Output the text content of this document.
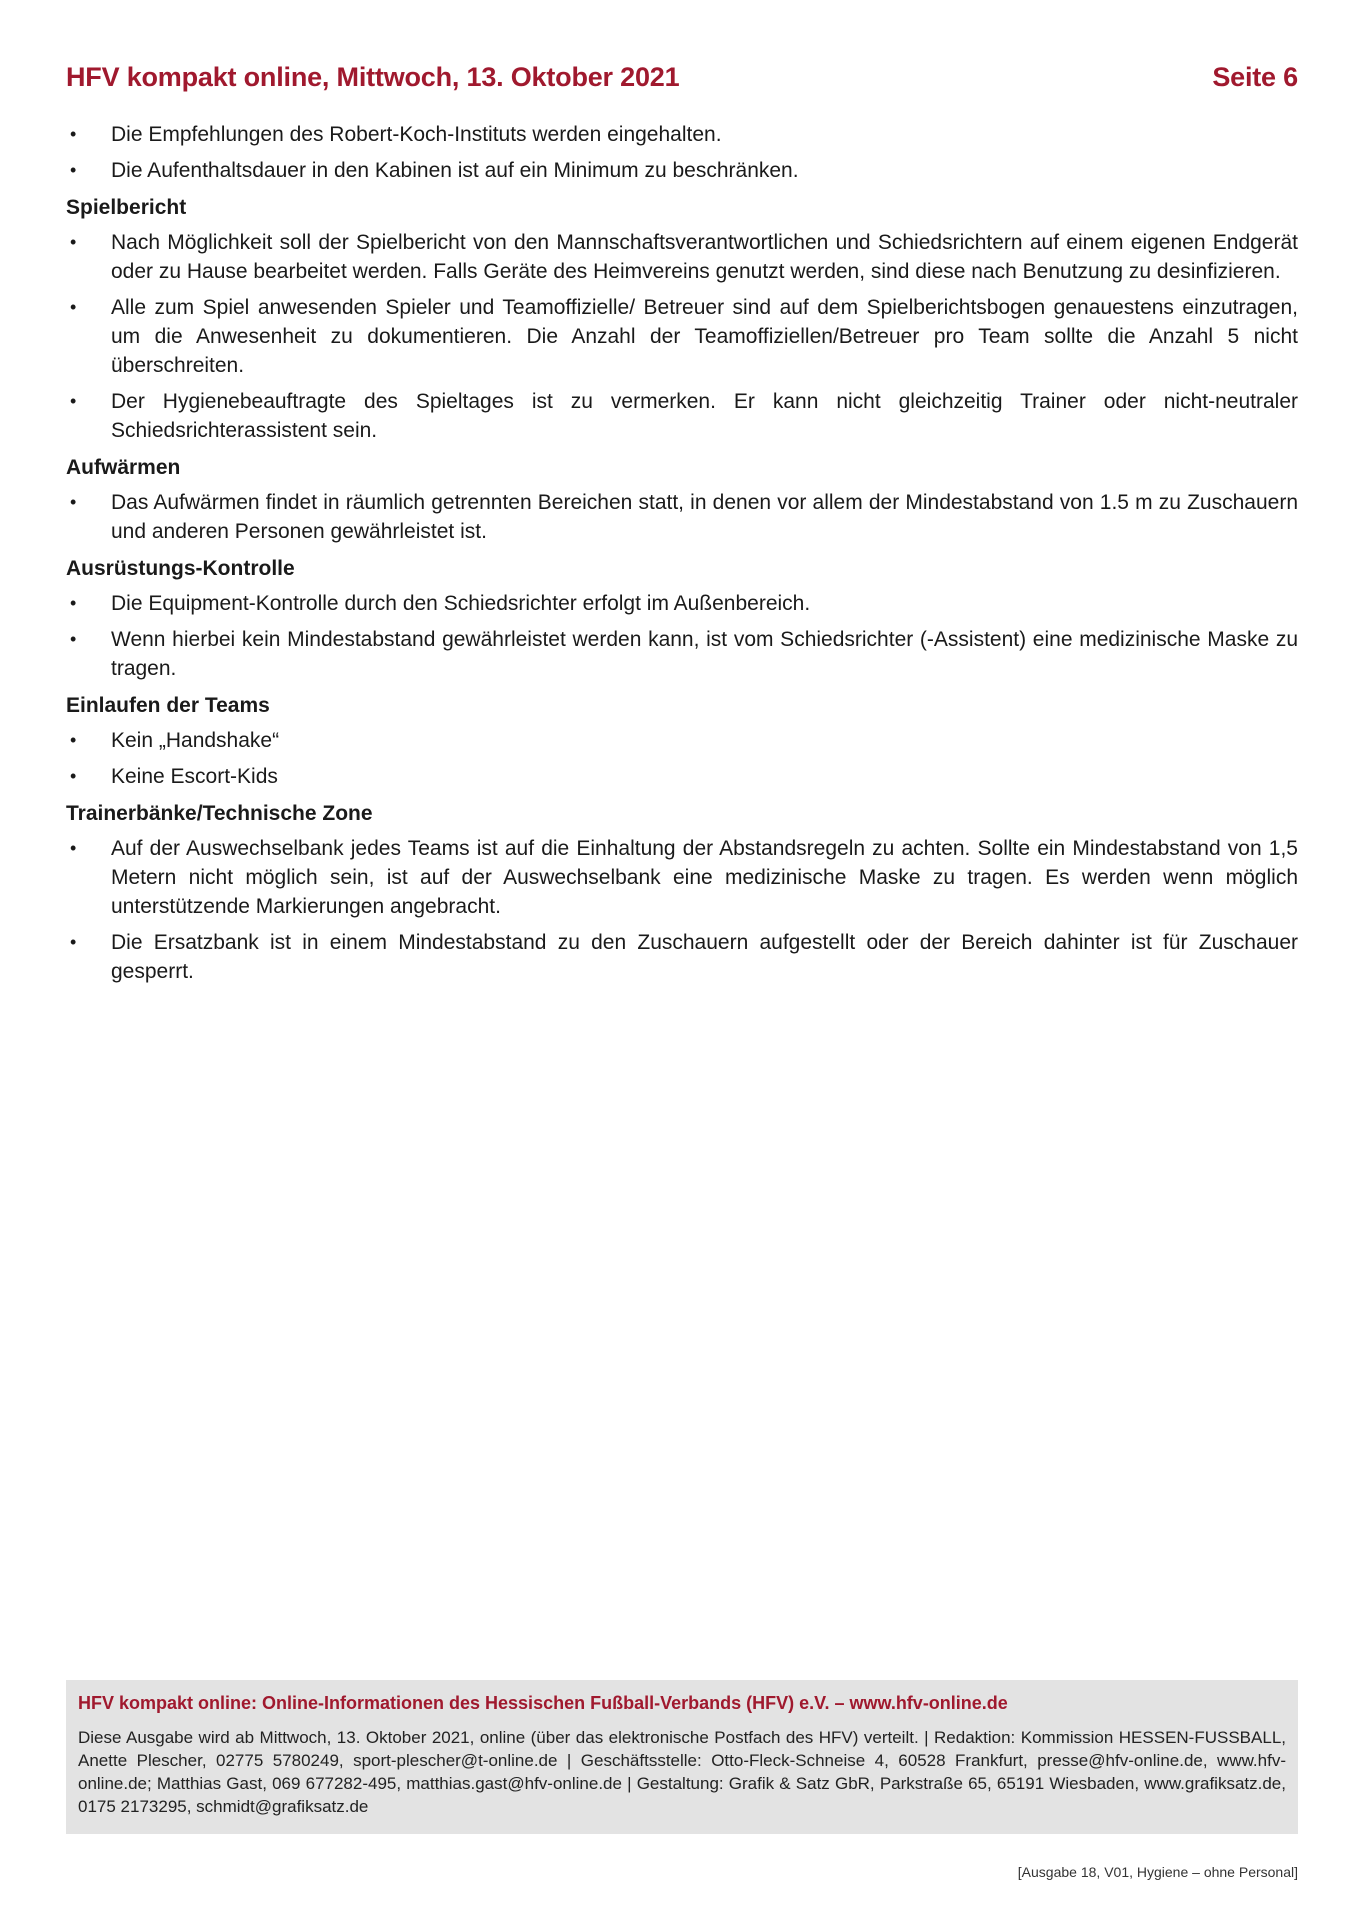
HFV kompakt online, Mittwoch, 13. Oktober 2021	Seite 6
• Die Empfehlungen des Robert-Koch-Instituts werden eingehalten.
• Die Aufenthaltsdauer in den Kabinen ist auf ein Minimum zu beschränken.
Spielbericht
• Nach Möglichkeit soll der Spielbericht von den Mannschaftsverantwortlichen und Schiedsrichtern auf einem eigenen Endgerät oder zu Hause bearbeitet werden. Falls Geräte des Heimvereins genutzt werden, sind diese nach Benutzung zu desinfizieren.
• Alle zum Spiel anwesenden Spieler und Teamoffizielle/ Betreuer sind auf dem Spielberichtsbogen genauestens einzutragen, um die Anwesenheit zu dokumentieren. Die Anzahl der Teamoffiziellen/Betreuer pro Team sollte die Anzahl 5 nicht überschreiten.
• Der Hygienebeauftragte des Spieltages ist zu vermerken. Er kann nicht gleichzeitig Trainer oder nicht-neutraler Schiedsrichterassistent sein.
Aufwärmen
• Das Aufwärmen findet in räumlich getrennten Bereichen statt, in denen vor allem der Mindestabstand von 1.5 m zu Zuschauern und anderen Personen gewährleistet ist.
Ausrüstungs-Kontrolle
• Die Equipment-Kontrolle durch den Schiedsrichter erfolgt im Außenbereich.
• Wenn hierbei kein Mindestabstand gewährleistet werden kann, ist vom Schiedsrichter (-Assistent) eine medizinische Maske zu tragen.
Einlaufen der Teams
• Kein „Handshake“
• Keine Escort-Kids
Trainerbänke/Technische Zone
• Auf der Auswechselbank jedes Teams ist auf die Einhaltung der Abstandsregeln zu achten. Sollte ein Mindestabstand von 1,5 Metern nicht möglich sein, ist auf der Auswechselbank eine medizinische Maske zu tragen. Es werden wenn möglich unterstützende Markierungen angebracht.
• Die Ersatzbank ist in einem Mindestabstand zu den Zuschauern aufgestellt oder der Bereich dahinter ist für Zuschauer gesperrt.
HFV kompakt online: Online-Informationen des Hessischen Fußball-Verbands (HFV) e.V. – www.hfv-online.de
Diese Ausgabe wird ab Mittwoch, 13. Oktober 2021, online (über das elektronische Postfach des HFV) verteilt. | Redaktion: Kommission HESSEN-FUSSBALL, Anette Plescher, 02775 5780249, sport-plescher@t-online.de | Geschäftsstelle: Otto-Fleck-Schneise 4, 60528 Frankfurt, presse@hfv-online.de, www.hfv-online.de; Matthias Gast, 069 677282-495, matthias.gast@hfv-online.de | Gestaltung: Grafik & Satz GbR, Parkstraße 65, 65191 Wiesbaden, www.grafiksatz.de, 0175 2173295, schmidt@grafiksatz.de
[Ausgabe 18, V01, Hygiene – ohne Personal]
